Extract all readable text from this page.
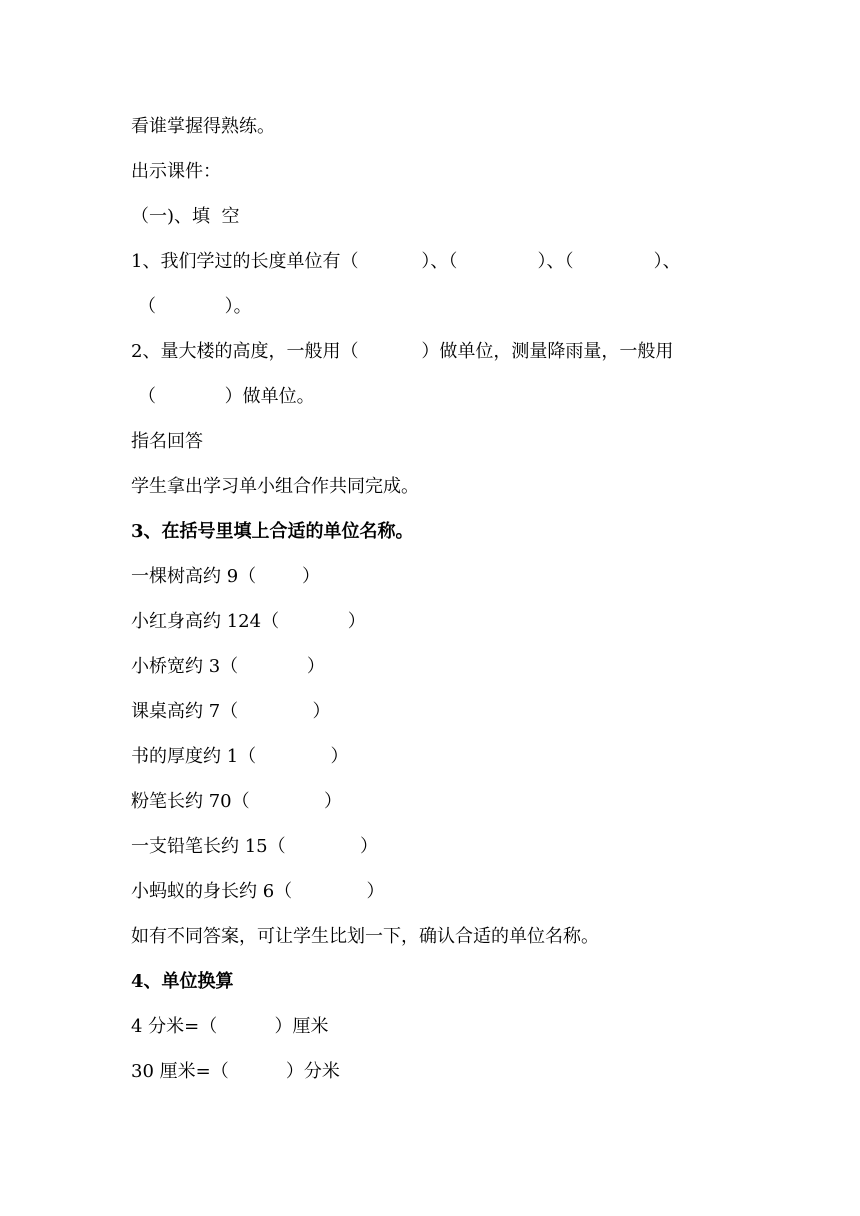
看谁掌握得熟练。
出示课件：
（一)、填  空
1、我们学过的长度单位有（           ）、（              ）、（              ）、
（            ）。
2、量大楼的高度，一般用（           ）做单位，测量降雨量，一般用
（            ）做单位。
指名回答
学生拿出学习单小组合作共同完成。
3、在括号里填上合适的单位名称。
一棵树高约 9（        ）
小红身高约 124（            ）
小桥宽约 3（            ）
课桌高约 7（             ）
书的厚度约 1（             ）
粉笔长约 70（             ）
一支铅笔长约 15（             ）
小蚂蚁的身长约 6（             ）
如有不同答案，可让学生比划一下，确认合适的单位名称。
4、单位换算
4 分米=（          ）厘米
30 厘米=（          ）分米
